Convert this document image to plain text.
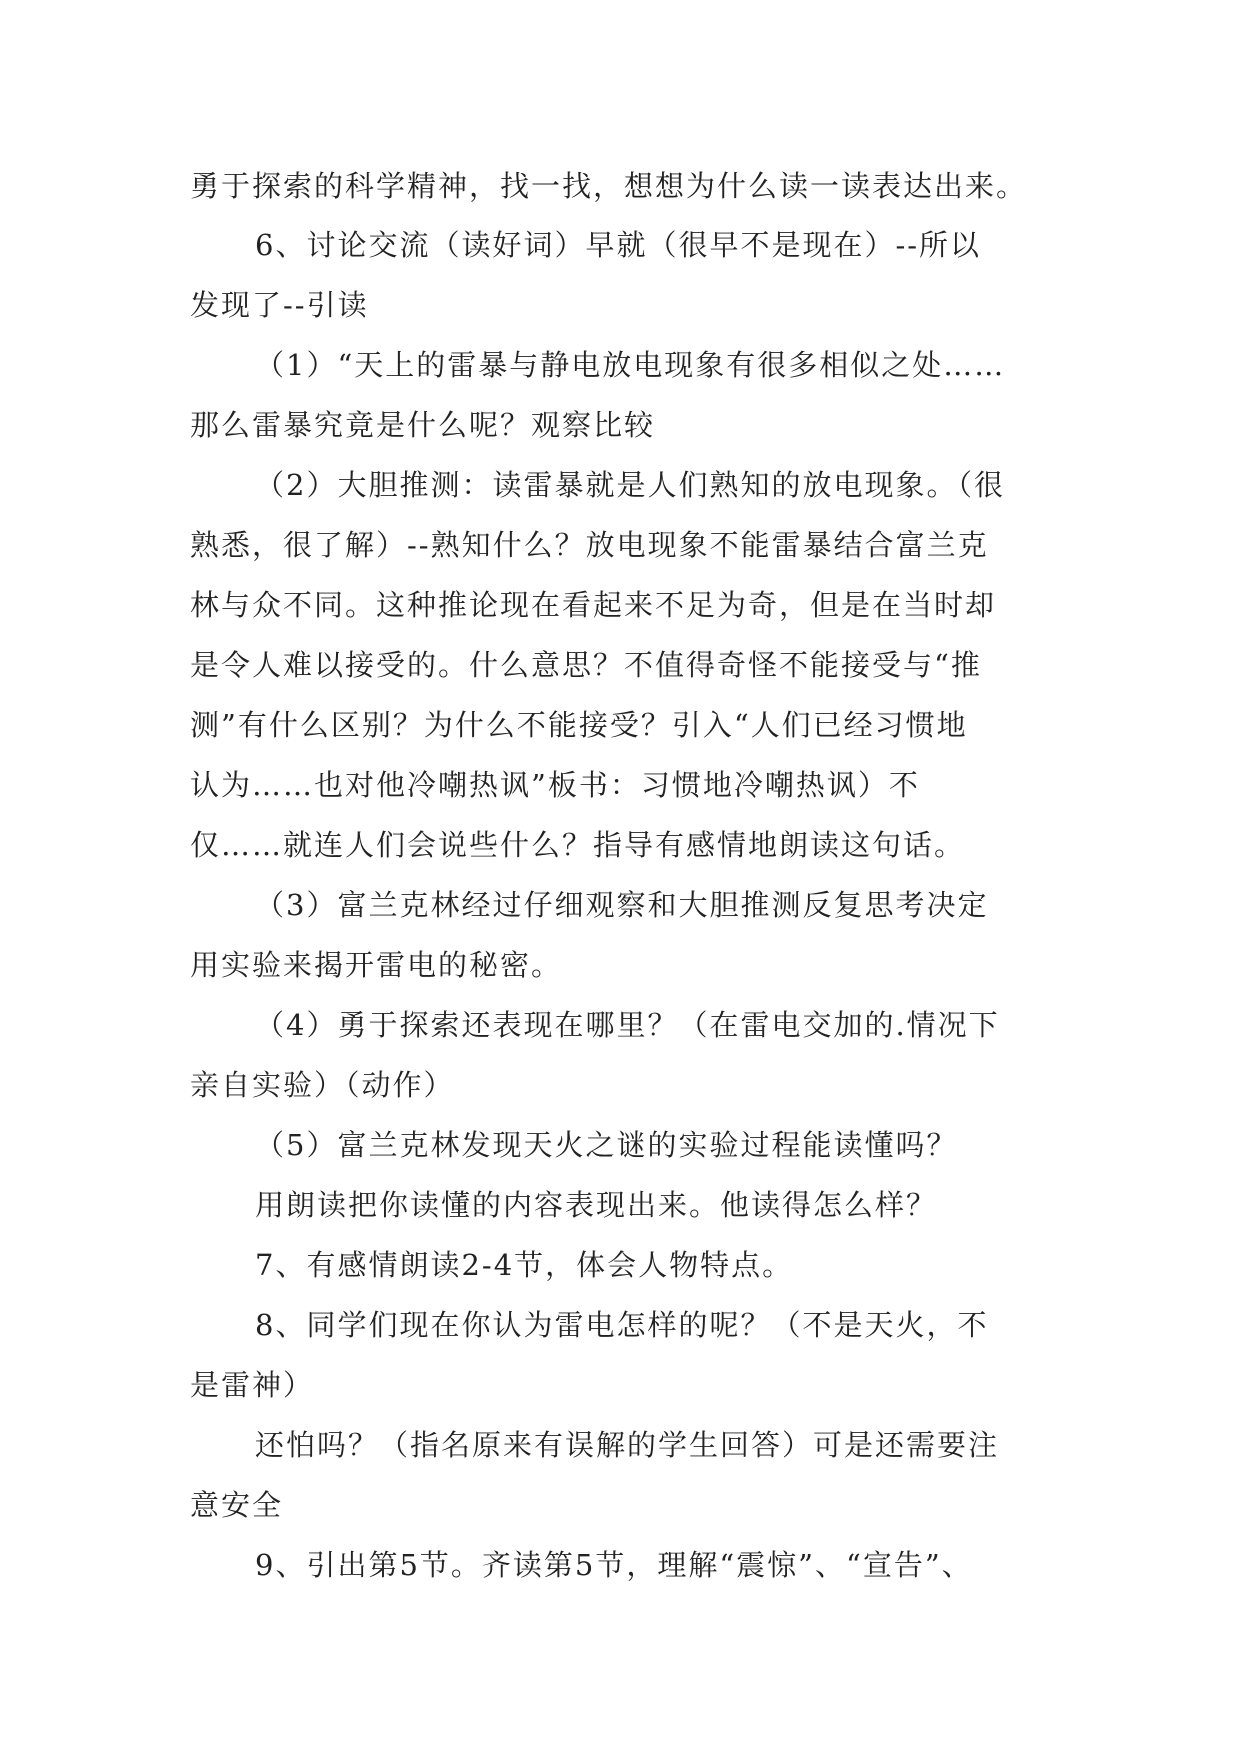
勇于探索的科学精神，找一找，想想为什么读一读表达出来。
6、讨论交流（读好词）早就（很早不是现在）--所以
发现了--引读
（1）“天上的雷暴与静电放电现象有很多相似之处……
那么雷暴究竟是什么呢？观察比较
（2）大胆推测：读雷暴就是人们熟知的放电现象。（很
熟悉，很了解）--熟知什么？放电现象不能雷暴结合富兰克
林与众不同。这种推论现在看起来不足为奇，但是在当时却
是令人难以接受的。什么意思？不值得奇怪不能接受与“推
测”有什么区别？为什么不能接受？引入“人们已经习惯地
认为……也对他冷嘲热讽”板书：习惯地冷嘲热讽）不
仅……就连人们会说些什么？指导有感情地朗读这句话。
（3）富兰克林经过仔细观察和大胆推测反复思考决定
用实验来揭开雷电的秘密。
（4）勇于探索还表现在哪里？（在雷电交加的.情况下
亲自实验）（动作）
（5）富兰克林发现天火之谜的实验过程能读懂吗？
用朗读把你读懂的内容表现出来。他读得怎么样？
7、有感情朗读2-4节，体会人物特点。
8、同学们现在你认为雷电怎样的呢？（不是天火，不
是雷神）
还怕吗？（指名原来有误解的学生回答）可是还需要注
意安全
9、引出第5节。齐读第5节，理解“震惊”、“宣告”、
